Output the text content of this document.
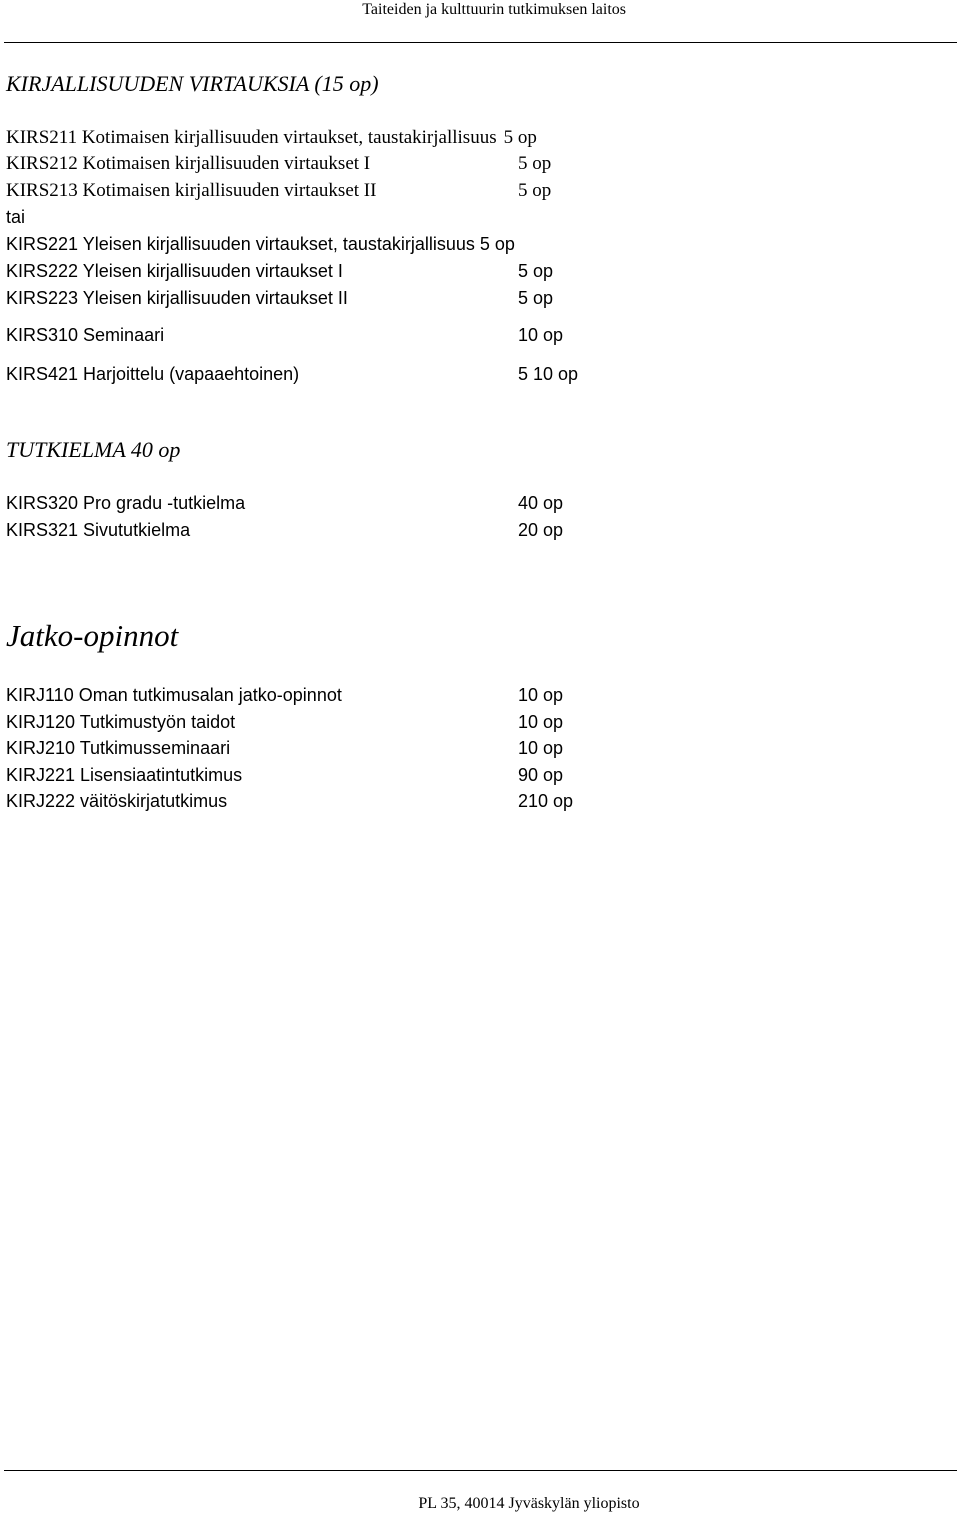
Taiteiden ja kulttuurin tutkimuksen laitos
KIRJALLISUUDEN VIRTAUKSIA (15 op)
KIRS211 Kotimaisen kirjallisuuden virtaukset, taustakirjallisuus 5 op
KIRS212 Kotimaisen kirjallisuuden virtaukset I	5 op
KIRS213 Kotimaisen kirjallisuuden virtaukset II	5 op
tai
KIRS221 Yleisen kirjallisuuden virtaukset, taustakirjallisuus 5 op
KIRS222 Yleisen kirjallisuuden virtaukset I	5 op
KIRS223 Yleisen kirjallisuuden virtaukset II	5 op
KIRS310 Seminaari	10 op
KIRS421 Harjoittelu (vapaaehtoinen)	5 10 op
TUTKIELMA 40 op
KIRS320 Pro gradu -tutkielma	40 op
KIRS321 Sivututkielma	20 op
Jatko-opinnot
KIRJ110 Oman tutkimusalan jatko-opinnot	10 op
KIRJ120 Tutkimustyön taidot	10 op
KIRJ210 Tutkimusseminaari	10 op
KIRJ221 Lisensiaatintutkimus	90 op
KIRJ222 väitöskirjatutkimus	210 op
PL 35, 40014 Jyväskylän yliopisto
